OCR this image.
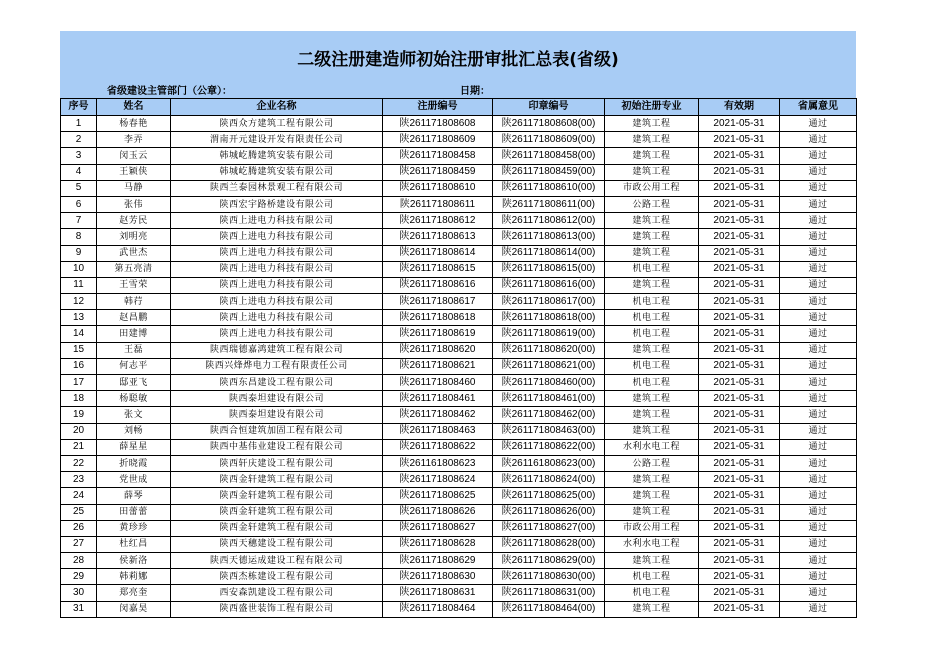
二级注册建造师初始注册审批汇总表(省级)
省级建设主管部门（公章）：	日期：
序号	姓名	企业名称	注册编号	印章编号	初始注册专业	有效期	省属意见
1	杨春艳	陕西众方建筑工程有限公司	陕261171808608	陕261171808608(00)	建筑工程	2021-05-31	通过
2	李弄	渭南开元建设开发有限责任公司	陕261171808609	陕261171808609(00)	建筑工程	2021-05-31	通过
3	闵玉云	韩城屹腾建筑安装有限公司	陕261171808458	陕261171808458(00)	建筑工程	2021-05-31	通过
4	王颖侠	韩城屹腾建筑安装有限公司	陕261171808459	陕261171808459(00)	建筑工程	2021-05-31	通过
5	马静	陕西兰泰园林景观工程有限公司	陕261171808610	陕261171808610(00)	市政公用工程	2021-05-31	通过
6	张伟	陕西宏宇路桥建设有限公司	陕261171808611	陕261171808611(00)	公路工程	2021-05-31	通过
7	赵芳民	陕西上进电力科技有限公司	陕261171808612	陕261171808612(00)	建筑工程	2021-05-31	通过
8	刘明亮	陕西上进电力科技有限公司	陕261171808613	陕261171808613(00)	建筑工程	2021-05-31	通过
9	武世杰	陕西上进电力科技有限公司	陕261171808614	陕261171808614(00)	建筑工程	2021-05-31	通过
10	第五亮清	陕西上进电力科技有限公司	陕261171808615	陕261171808615(00)	机电工程	2021-05-31	通过
11	王雪荣	陕西上进电力科技有限公司	陕261171808616	陕261171808616(00)	建筑工程	2021-05-31	通过
12	韩荇	陕西上进电力科技有限公司	陕261171808617	陕261171808617(00)	机电工程	2021-05-31	通过
13	赵昌鹏	陕西上进电力科技有限公司	陕261171808618	陕261171808618(00)	机电工程	2021-05-31	通过
14	田建博	陕西上进电力科技有限公司	陕261171808619	陕261171808619(00)	机电工程	2021-05-31	通过
15	王磊	陕西瑞德嘉鸿建筑工程有限公司	陕261171808620	陕261171808620(00)	建筑工程	2021-05-31	通过
16	何志平	陕西兴烽烨电力工程有限责任公司	陕261171808621	陕261171808621(00)	机电工程	2021-05-31	通过
17	邸亚飞	陕西东昌建设工程有限公司	陕261171808460	陕261171808460(00)	机电工程	2021-05-31	通过
18	杨聪敏	陕西泰坦建设有限公司	陕261171808461	陕261171808461(00)	建筑工程	2021-05-31	通过
19	张文	陕西泰坦建设有限公司	陕261171808462	陕261171808462(00)	建筑工程	2021-05-31	通过
20	刘畅	陕西合恒建筑加固工程有限公司	陕261171808463	陕261171808463(00)	建筑工程	2021-05-31	通过
21	薛星星	陕西中基伟业建设工程有限公司	陕261171808622	陕261171808622(00)	水利水电工程	2021-05-31	通过
22	折晓霞	陕西轩庆建设工程有限公司	陕261161808623	陕261161808623(00)	公路工程	2021-05-31	通过
23	党世成	陕西金轩建筑工程有限公司	陕261171808624	陕261171808624(00)	建筑工程	2021-05-31	通过
24	薛琴	陕西金轩建筑工程有限公司	陕261171808625	陕261171808625(00)	建筑工程	2021-05-31	通过
25	田蕾蕾	陕西金轩建筑工程有限公司	陕261171808626	陕261171808626(00)	建筑工程	2021-05-31	通过
26	黄珍珍	陕西金轩建筑工程有限公司	陕261171808627	陕261171808627(00)	市政公用工程	2021-05-31	通过
27	杜红昌	陕西天穗建设工程有限公司	陕261171808628	陕261171808628(00)	水利水电工程	2021-05-31	通过
28	侯新洛	陕西天德运成建设工程有限公司	陕261171808629	陕261171808629(00)	建筑工程	2021-05-31	通过
29	韩莉娜	陕西杰栋建设工程有限公司	陕261171808630	陕261171808630(00)	机电工程	2021-05-31	通过
30	郑亮奎	西安森凯建设工程有限公司	陕261171808631	陕261171808631(00)	机电工程	2021-05-31	通过
31	闵嘉昊	陕西盛世装饰工程有限公司	陕261171808464	陕261171808464(00)	建筑工程	2021-05-31	通过
